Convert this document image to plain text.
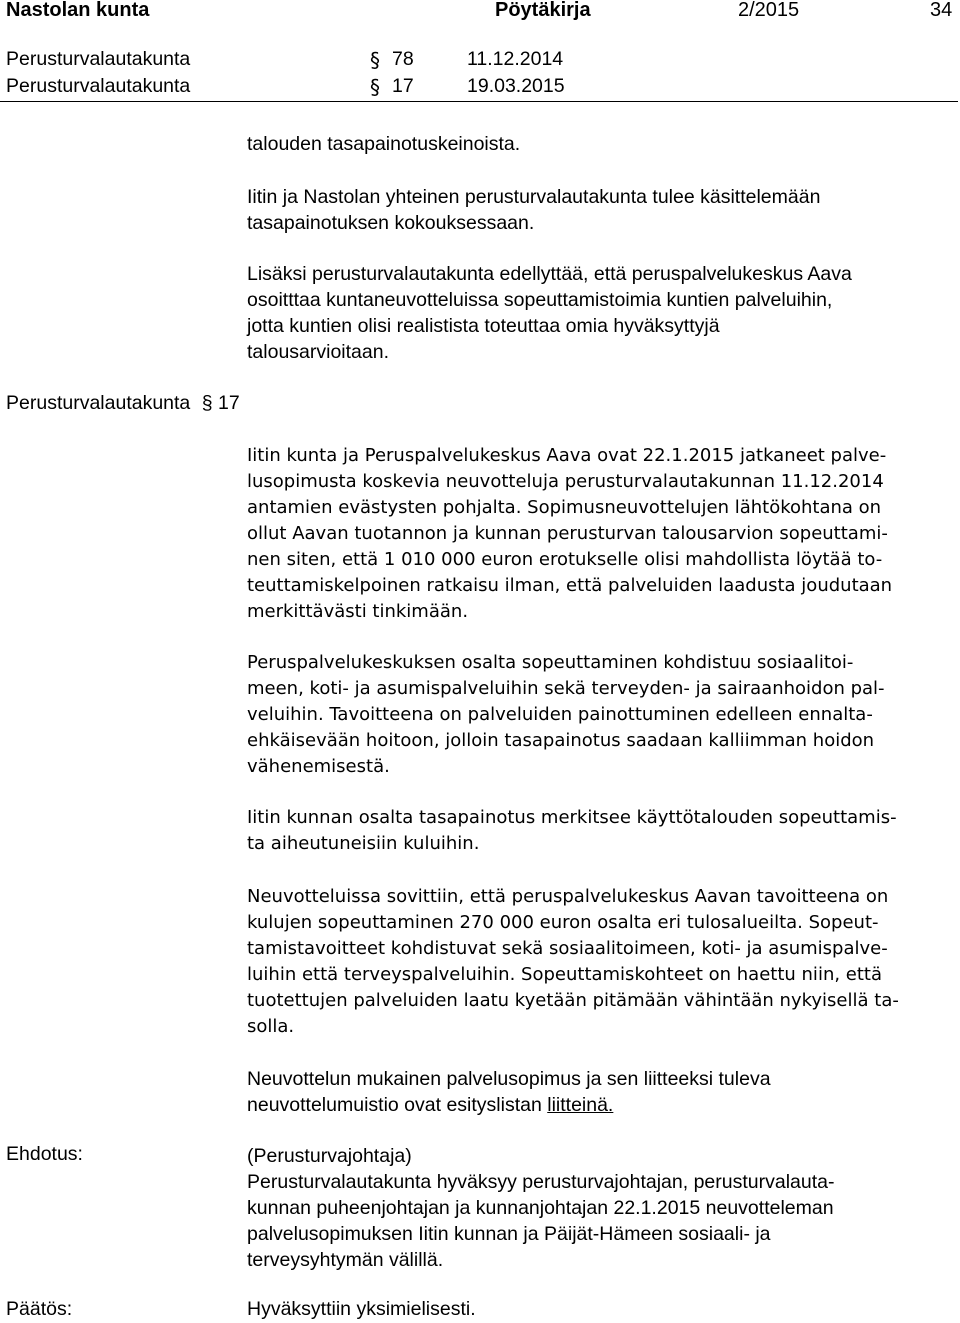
Nastolan kunta	Pöytäkirja	2/2015	34
Perusturvalautakunta	§ 78	11.12.2014
Perusturvalautakunta	§ 17	19.03.2015
Perusturvalautakunta § 17
talouden tasapainotuskeinoista.
Iitin ja Nastolan yhteinen perusturvalautakunta tulee käsittelemään
tasapainotuksen kokouksessaan.
Lisäksi perusturvalautakunta edellyttää, että peruspalvelukeskus Aava
osoitttaa kuntaneuvotteluissa sopeuttamistoimia kuntien palveluihin,
jotta kuntien olisi realistista toteuttaa omia hyväksyttyjä
talousarvioitaan.
Iitin kunta ja Peruspalvelukeskus Aava ovat 22.1.2015 jatkaneet palve-
lusopimusta koskevia neuvotteluja perusturvalautakunnan 11.12.2014
antamien evästysten pohjalta. Sopimusneuvottelujen lähtökohtana on
ollut Aavan tuotannon ja kunnan perusturvan talousarvion sopeuttami-
nen siten, että 1 010 000 euron erotukselle olisi mahdollista löytää to-
teuttamiskelpoinen ratkaisu ilman, että palveluiden laadusta joudutaan
merkittävästi tinkimään.
Peruspalvelukeskuksen osalta sopeuttaminen kohdistuu sosiaalitoi-
meen, koti- ja asumispalveluihin sekä terveyden- ja sairaanhoidon pal-
veluihin. Tavoitteena on palveluiden painottuminen edelleen ennalta-
ehkäisevään hoitoon, jolloin tasapainotus saadaan kalliimman hoidon
vähenemisestä.
Iitin kunnan osalta tasapainotus merkitsee käyttötalouden sopeuttamis-
ta aiheutuneisiin kuluihin.
Neuvotteluissa sovittiin, että peruspalvelukeskus Aavan tavoitteena on
kulujen sopeuttaminen 270 000 euron osalta eri tulosalueilta. Sopeut-
tamistavoitteet kohdistuvat sekä sosiaalitoimeen, koti- ja asumispalve-
luihin että terveyspalveluihin. Sopeuttamiskohteet on haettu niin, että
tuotettujen palveluiden laatu kyetään pitämään vähintään nykyisellä ta-
solla.
Neuvottelun mukainen palvelusopimus ja sen liitteeksi tuleva
neuvottelumuistio ovat esityslistan liitteinä.
Ehdotus:	(Perusturvajohtaja)
Perusturvalautakunta hyväksyy perusturvajohtajan, perusturvalauta-
kunnan puheenjohtajan ja kunnanjohtajan 22.1.2015 neuvotteleman
palvelusopimuksen Iitin kunnan ja Päijät-Hämeen sosiaali- ja
terveysyhtymän välillä.
Päätös:	Hyväksyttiin yksimielisesti.
